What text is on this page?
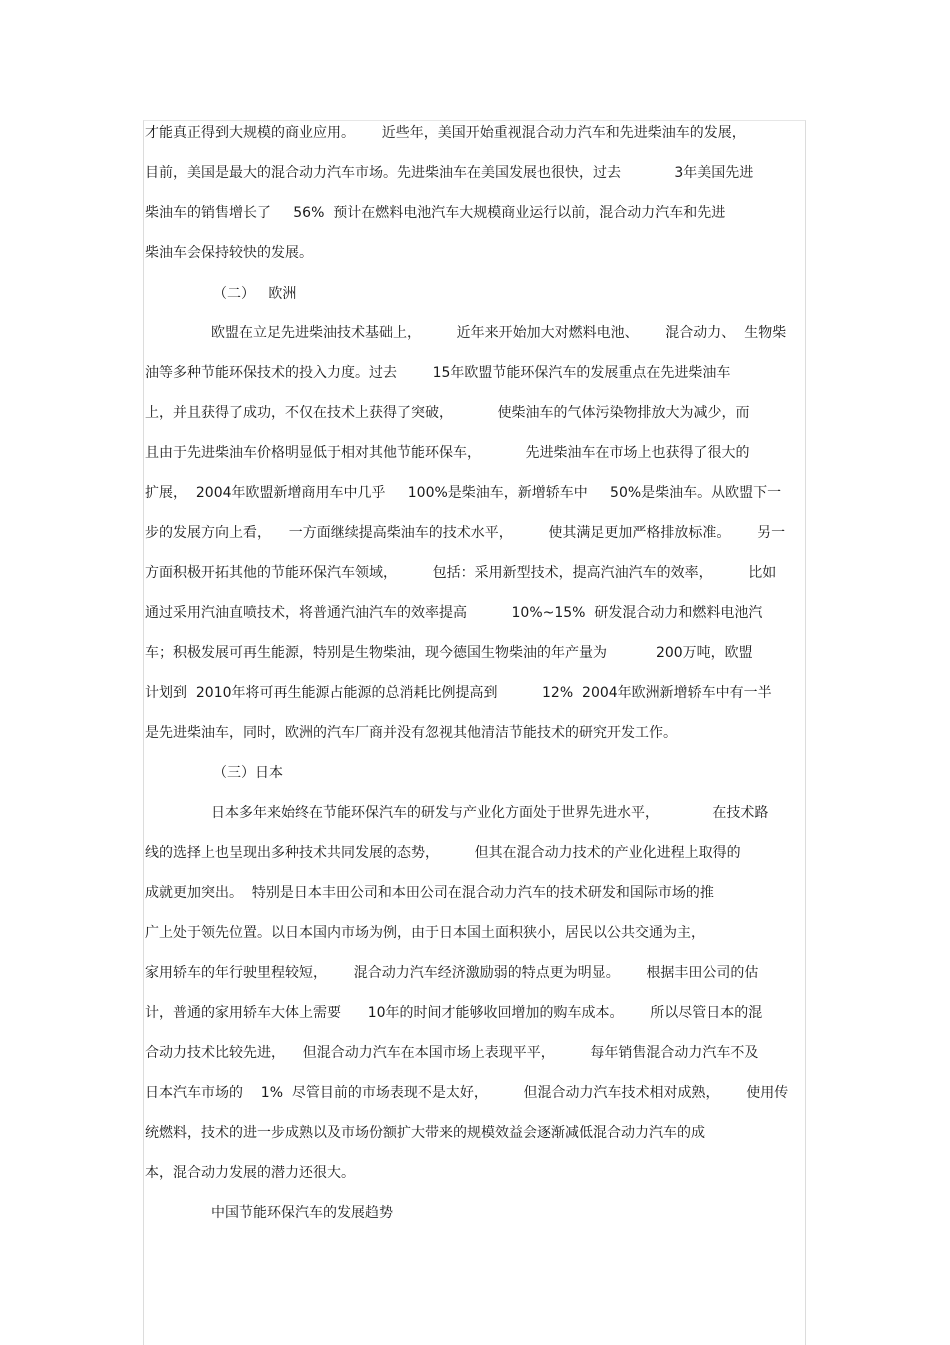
才能真正得到大规模的商业应用。      近些年，美国开始重视混合动力汽车和先进柴油车的发展，
目前，美国是最大的混合动力汽车市场。先进柴油车在美国发展也很快，过去            3年美国先进
柴油车的销售增长了     56%  预计在燃料电池汽车大规模商业运行以前，混合动力汽车和先进
柴油车会保持较快的发展。
（二）   欧洲
欧盟在立足先进柴油技术基础上，        近年来开始加大对燃料电池、      混合动力、  生物柴
油等多种节能环保技术的投入力度。过去        15年欧盟节能环保汽车的发展重点在先进柴油车
上，并且获得了成功，不仅在技术上获得了突破，          使柴油车的气体污染物排放大为减少，而
且由于先进柴油车价格明显低于相对其他节能环保车，          先进柴油车在市场上也获得了很大的
扩展，  2004年欧盟新增商用车中几乎     100%是柴油车，新增轿车中     50%是柴油车。从欧盟下一
步的发展方向上看，    一方面继续提高柴油车的技术水平，        使其满足更加严格排放标准。      另一
方面积极开拓其他的节能环保汽车领域，        包括：采用新型技术，提高汽油汽车的效率，        比如
通过采用汽油直喷技术，将普通汽油汽车的效率提高          10%~15%  研发混合动力和燃料电池汽
车；积极发展可再生能源，特别是生物柴油，现今德国生物柴油的年产量为           200万吨，欧盟
计划到  2010年将可再生能源占能源的总消耗比例提高到          12%  2004年欧洲新增轿车中有一半
是先进柴油车，同时，欧洲的汽车厂商并没有忽视其他清洁节能技术的研究开发工作。
（三）日本
日本多年来始终在节能环保汽车的研发与产业化方面处于世界先进水平，            在技术路
线的选择上也呈现出多种技术共同发展的态势，        但其在混合动力技术的产业化进程上取得的
成就更加突出。  特别是日本丰田公司和本田公司在混合动力汽车的技术研发和国际市场的推
广上处于领先位置。以日本国内市场为例，由于日本国土面积狭小，居民以公共交通为主，
家用轿车的年行驶里程较短，      混合动力汽车经济激励弱的特点更为明显。      根据丰田公司的估
计，普通的家用轿车大体上需要      10年的时间才能够收回增加的购车成本。      所以尽管日本的混
合动力技术比较先进，    但混合动力汽车在本国市场上表现平平，        每年销售混合动力汽车不及
日本汽车市场的    1%  尽管目前的市场表现不是太好，        但混合动力汽车技术相对成熟，      使用传
统燃料，技术的进一步成熟以及市场份额扩大带来的规模效益会逐渐减低混合动力汽车的成
本，混合动力发展的潜力还很大。
中国节能环保汽车的发展趋势
